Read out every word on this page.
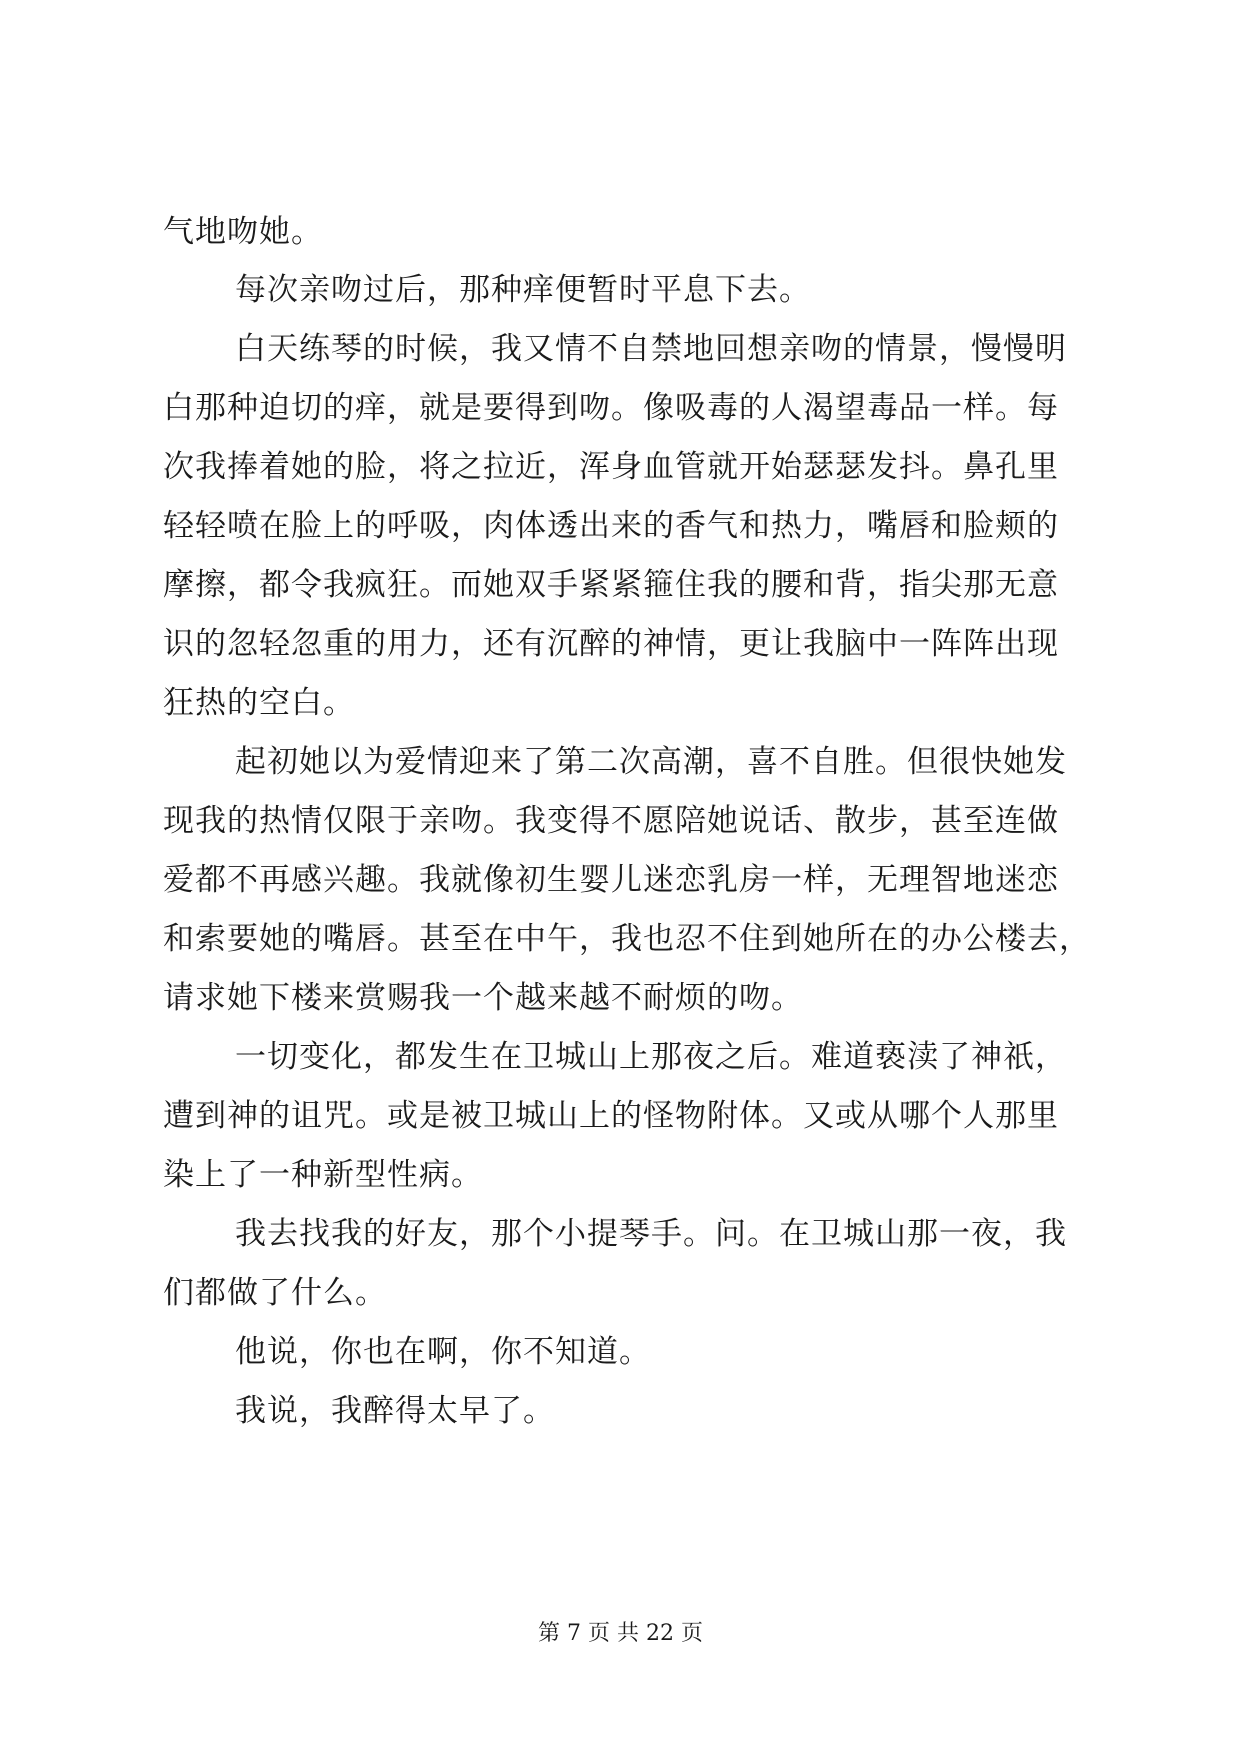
气地吻她。
每次亲吻过后，那种痒便暂时平息下去。
白天练琴的时候，我又情不自禁地回想亲吻的情景，慢慢明
白那种迫切的痒，就是要得到吻。像吸毒的人渴望毒品一样。每
次我捧着她的脸，将之拉近，浑身血管就开始瑟瑟发抖。鼻孔里
轻轻喷在脸上的呼吸，肉体透出来的香气和热力，嘴唇和脸颊的
摩擦，都令我疯狂。而她双手紧紧箍住我的腰和背，指尖那无意
识的忽轻忽重的用力，还有沉醉的神情，更让我脑中一阵阵出现
狂热的空白。
起初她以为爱情迎来了第二次高潮，喜不自胜。但很快她发
现我的热情仅限于亲吻。我变得不愿陪她说话、散步，甚至连做
爱都不再感兴趣。我就像初生婴儿迷恋乳房一样，无理智地迷恋
和索要她的嘴唇。甚至在中午，我也忍不住到她所在的办公楼去，
请求她下楼来赏赐我一个越来越不耐烦的吻。
一切变化，都发生在卫城山上那夜之后。难道亵渎了神祇，
遭到神的诅咒。或是被卫城山上的怪物附体。又或从哪个人那里
染上了一种新型性病。
我去找我的好友，那个小提琴手。问。在卫城山那一夜，我
们都做了什么。
他说，你也在啊，你不知道。
我说，我醉得太早了。
第 7 页 共 22 页
